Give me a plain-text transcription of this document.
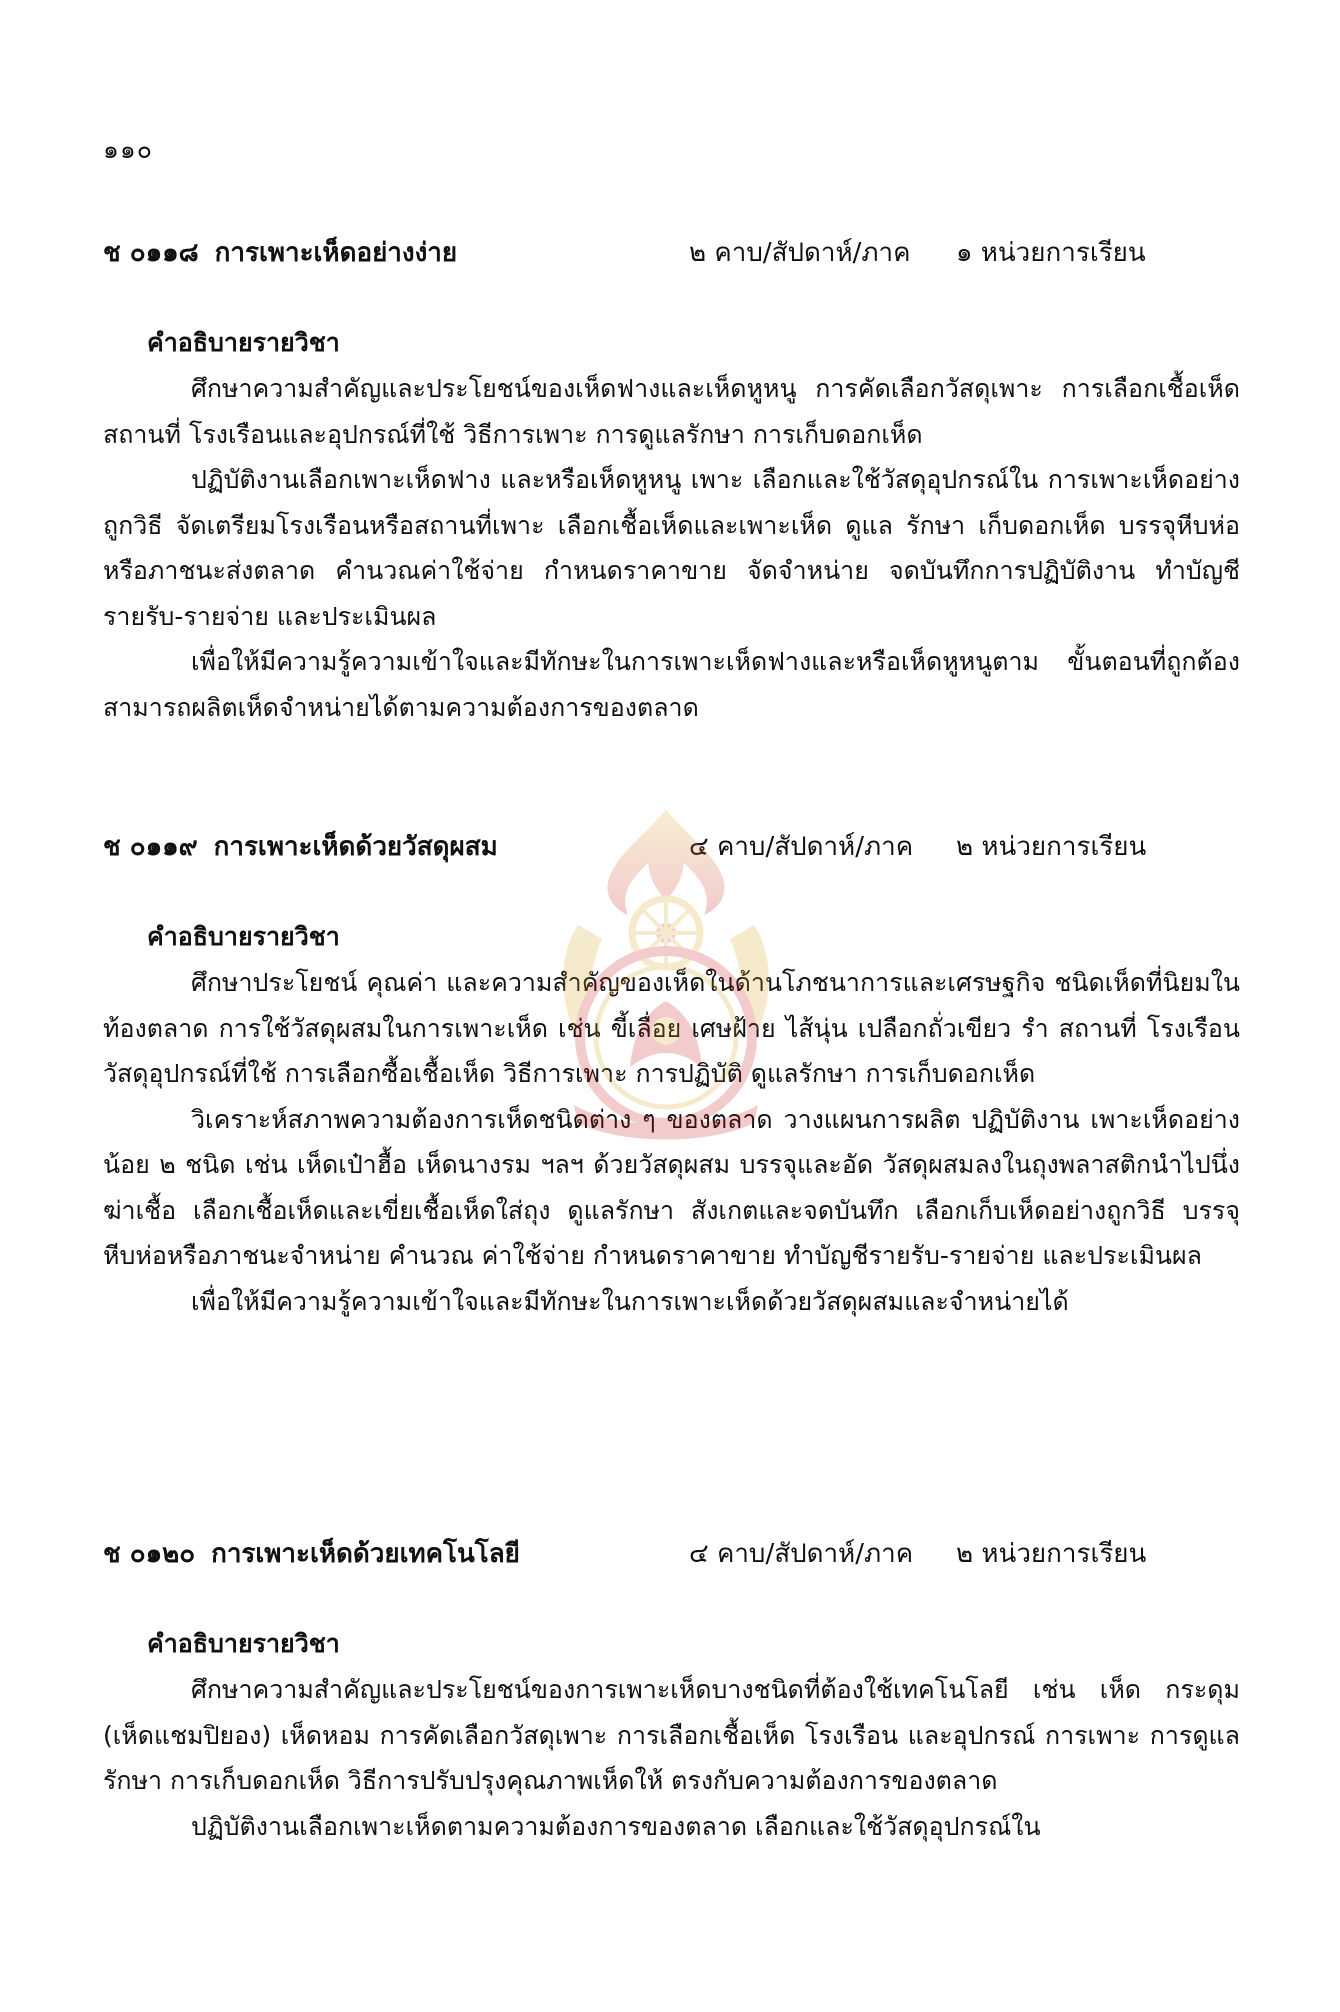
๑๑๐
ช ๐๑๑๘ การเพาะเห็ดอย่างง่าย	๒ คาบ/สัปดาห์/ภาค ๑ หน่วยการเรียน
คำอธิบายรายวิชา

ศึกษาความสำคัญและประโยชน์ของเห็ดฟางและเห็ดหูหนู การคัดเลือกวัสดุเพาะ การเลือกเชื้อเห็ด สถานที่ โรงเรือนและอุปกรณ์ที่ใช้ วิธีการเพาะ การดูแลรักษา การเก็บดอกเห็ด

ปฏิบัติงานเลือกเพาะเห็ดฟาง และหรือเห็ดหูหนู เพาะ เลือกและใช้วัสดุอุปกรณ์ใน การเพาะเห็ดอย่างถูกวิธี จัดเตรียมโรงเรือนหรือสถานที่เพาะ เลือกเชื้อเห็ดและเพาะเห็ด ดูแล รักษา เก็บดอกเห็ด บรรจุหีบห่อหรือภาชนะส่งตลาด คำนวณค่าใช้จ่าย กำหนดราคาขาย จัดจำหน่าย จดบันทึกการปฏิบัติงาน ทำบัญชีรายรับ-รายจ่าย และประเมินผล

เพื่อให้มีความรู้ความเข้าใจและมีทักษะในการเพาะเห็ดฟางและหรือเห็ดหูหนูตาม ขั้นตอนที่ถูกต้อง สามารถผลิตเห็ดจำหน่ายได้ตามความต้องการของตลาด

ช ๐๑๑๙ การเพาะเห็ดด้วยวัสดุผสม	๔ คาบ/สัปดาห์/ภาค ๒ หน่วยการเรียน
คำอธิบายรายวิชา

ศึกษาประโยชน์ คุณค่า และความสำคัญของเห็ดในด้านโภชนาการและเศรษฐกิจ ชนิดเห็ดที่นิยมในท้องตลาด การใช้วัสดุผสมในการเพาะเห็ด เช่น ขี้เลื่อย เศษฝ้าย ไส้นุ่น เปลือกถั่วเขียว รำ สถานที่ โรงเรือน วัสดุอุปกรณ์ที่ใช้ การเลือกซื้อเชื้อเห็ด วิธีการเพาะ การปฏิบัติ ดูแลรักษา การเก็บดอกเห็ด

วิเคราะห์สภาพความต้องการเห็ดชนิดต่าง ๆ ของตลาด วางแผนการผลิต ปฏิบัติงาน เพาะเห็ดอย่างน้อย ๒ ชนิด เช่น เห็ดเป๋าฮื้อ เห็ดนางรม ฯลฯ ด้วยวัสดุผสม บรรจุและอัด วัสดุผสมลงในถุงพลาสติกนำไปนึ่งฆ่าเชื้อ เลือกเชื้อเห็ดและเขี่ยเชื้อเห็ดใส่ถุง ดูแลรักษา สังเกตและจดบันทึก เลือกเก็บเห็ดอย่างถูกวิธี บรรจุหีบห่อหรือภาชนะจำหน่าย คำนวณ ค่าใช้จ่าย กำหนดราคาขาย ทำบัญชีรายรับ-รายจ่าย และประเมินผล

เพื่อให้มีความรู้ความเข้าใจและมีทักษะในการเพาะเห็ดด้วยวัสดุผสมและจำหน่ายได้

ช ๐๑๒๐ การเพาะเห็ดด้วยเทคโนโลยี	๔ คาบ/สัปดาห์/ภาค ๒ หน่วยการเรียน
คำอธิบายรายวิชา

ศึกษาความสำคัญและประโยชน์ของการเพาะเห็ดบางชนิดที่ต้องใช้เทคโนโลยี เช่น เห็ด กระดุม (เห็ดแชมปิยอง) เห็ดหอม การคัดเลือกวัสดุเพาะ การเลือกเชื้อเห็ด โรงเรือน และอุปกรณ์ การเพาะ การดูแลรักษา การเก็บดอกเห็ด วิธีการปรับปรุงคุณภาพเห็ดให้ ตรงกับความต้องการของตลาด

ปฏิบัติงานเลือกเพาะเห็ดตามความต้องการของตลาด เลือกและใช้วัสดุอุปกรณ์ใน
